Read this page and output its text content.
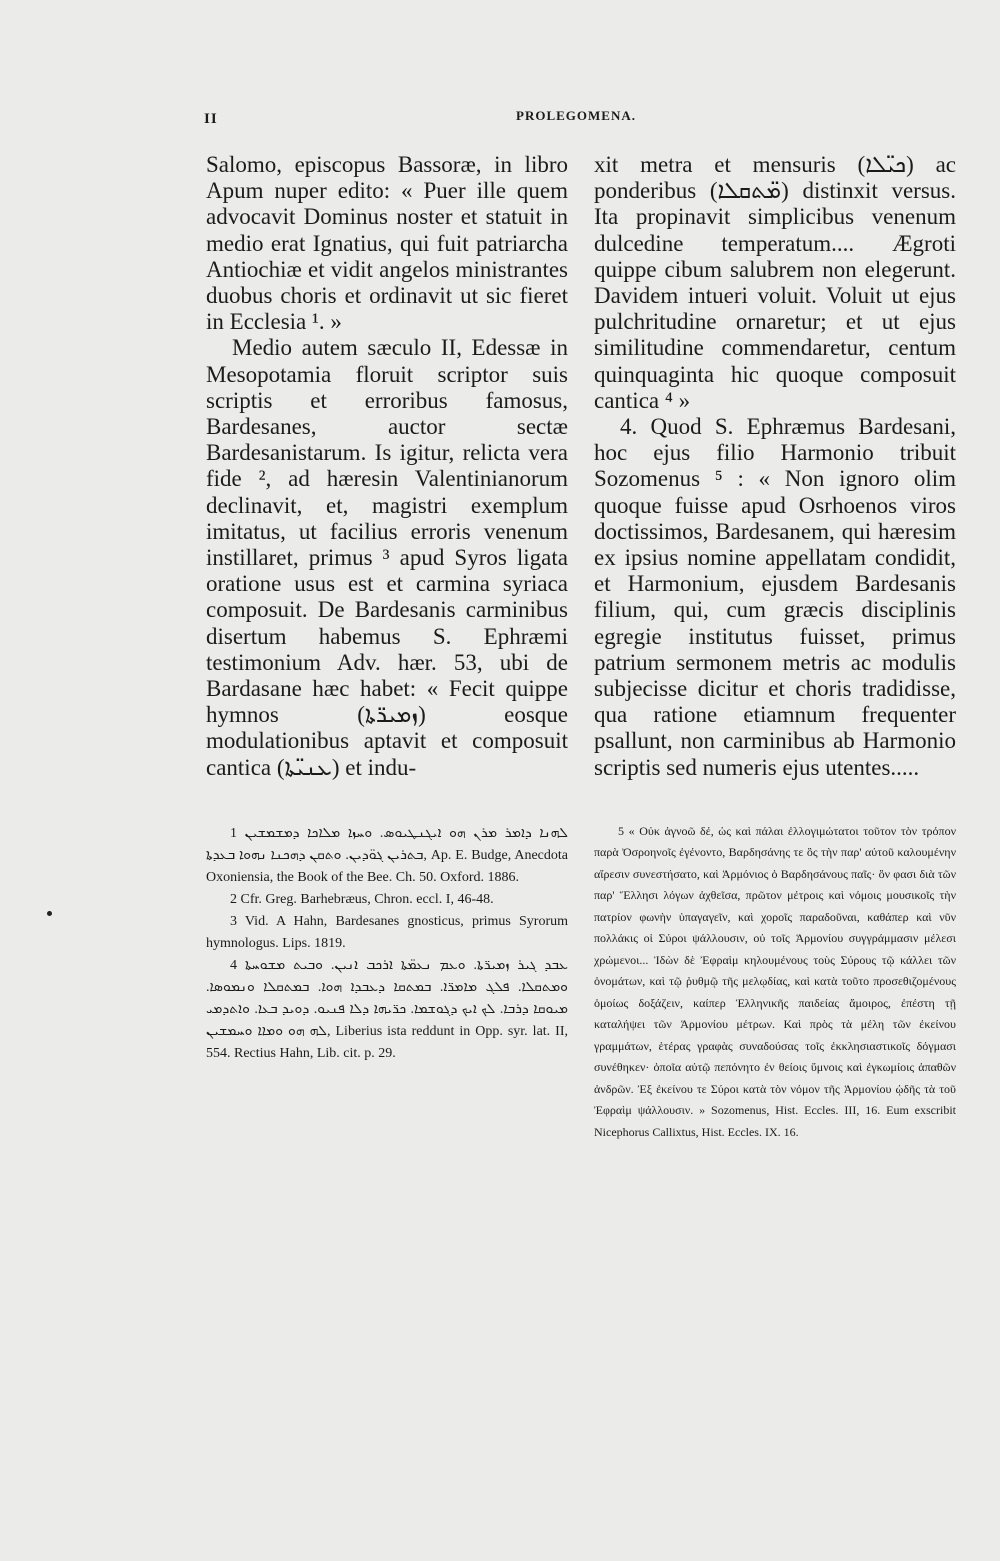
II	PROLEGOMENA.

Salomo, episcopus Bassoræ, in libro Apum nuper edito: « Puer ille quem advocavit Dominus noster et statuit in medio erat Ignatius, qui fuit patriarcha Antiochiæ et vidit angelos ministrantes duobus choris et ordinavit ut sic fieret in Ecclesia ¹. »

Medio autem sæculo II, Edessæ in Mesopotamia floruit scriptor suis scriptis et erroribus famosus, Bardesanes, auctor sectæ Bardesanistarum. Is igitur, relicta vera fide ², ad hæresin Valentinianorum declinavit, et, magistri exemplum imitatus, ut facilius erroris venenum instillaret, primus ³ apud Syros ligata oratione usus est et carmina syriaca composuit. De Bardesanis carminibus disertum habemus S. Ephræmi testimonium Adv. hær. 53, ubi de Bardasane hæc habet: « Fecit quippe hymnos (ܙܡܝܪ̈ܬܐ) eosque modulationibus aptavit et composuit cantica (ܥܢܝ̈ܬܐ) et indu-

1 ܠܗܢܐ ܕܐܡܪ ܡܪܢ ܗܘ ܐܝܓܢܛܝܘܣ. ܘܚܙܐ ܡܠܐܟܐ ܕܡܫܡܫܝܢ ܒܬܪܝܢ ܓܘ̈ܕܝܢ. ܘܬܩܢ ܕܗܟܢܐ ܢܗܘܐ ܒܥܕܬܐ, Ap. E. Budge, Anecdota Oxoniensia, the Book of the Bee. Ch. 50. Oxford. 1886.

2 Cfr. Greg. Barhebræus, Chron. eccl. I, 46-48.

3 Vid. A Hahn, Bardesanes gnosticus, primus Syrorum hymnologus. Lips. 1819.

4 ܥܒܕ ܓܝܪ ܙܡܝܪ̈ܬܐ. ܘܥܡ ܢܥܡ̈ܬܐ ܐܪܟܒ ܐܢܝܢ. ܘܒܝܬ ܡܫܘܚܬܐ ܘܡܬܩܠܐ. ܦܠܓ ܡܐܡܪ̈ܐ. ܒܡܬܩܐ ܕܥܒܕܐ ܗܘܐ. ܒܡܬܩܠܐ ܘܢܡܘܣܐ. ܡܝܘܩܐ ܕܪܒܐ. ܠܟ ܐܝܟ ܕܓܘܫܡܐ. ܟܪ̈ܝܗܐ ܕܠܐ ܦܢܝܘ. ܕܘܝܕ ܒܥܐ. ܘܐܬܕܡܝ ܠܗ ܗܘ ܘܡܐܐ ܘܚܡܫܝܢ, Liberius ista reddunt in Opp. syr. lat. II, 554. Rectius Hahn, Lib. cit. p. 29.

xit metra et mensuris (ܟܝ̈ܠܐ) ac ponderibus (ܡ̈ܬܩܠܐ) distinxit versus. Ita propinavit simplicibus venenum dulcedine temperatum.... Ægroti quippe cibum salubrem non elegerunt. Davidem intueri voluit. Voluit ut ejus pulchritudine ornaretur; et ut ejus similitudine commendaretur, centum quinquaginta hic quoque composuit cantica ⁴ »

4. Quod S. Ephræmus Bardesani, hoc ejus filio Harmonio tribuit Sozomenus ⁵ : « Non ignoro olim quoque fuisse apud Osrhoenos viros doctissimos, Bardesanem, qui hæresim ex ipsius nomine appellatam condidit, et Harmonium, ejusdem Bardesanis filium, qui, cum græcis disciplinis egregie institutus fuisset, primus patrium sermonem metris ac modulis subjecisse dicitur et choris tradidisse, qua ratione etiamnum frequenter psallunt, non carminibus ab Harmonio scriptis sed numeris ejus utentes.....

5 « Οὐκ ἀγνοῶ δέ, ὡς καὶ πάλαι ἐλλογιμώτατοι τοῦτον τὸν τρόπον παρὰ Ὀσροηνοῖς ἐγένοντο, Βαρδησάνης τε ὃς τὴν παρ' αὐτοῦ καλουμένην αἵρεσιν συνεστήσατο, καὶ Ἁρμόνιος ὁ Βαρδησάνους παῖς· ὃν φασι διὰ τῶν παρ' Ἕλλησι λόγων ἀχθεῖσα, πρῶτον μέτροις καὶ νόμοις μουσικοῖς τὴν πατρίον φωνὴν ὑπαγαγεῖν, καὶ χοροῖς παραδοῦναι, καθάπερ καὶ νῦν πολλάκις οἱ Σύροι ψάλλουσιν, οὐ τοῖς Ἁρμονίου συγγράμμασιν μέλεσι χρώμενοι... Ἰδὼν δὲ Ἐφραὶμ κηλουμένους τοὺς Σύρους τῷ κάλλει τῶν ὀνομάτων, καὶ τῷ ῥυθμῷ τῆς μελῳδίας, καὶ κατὰ τοῦτο προσεθιζομένους ὁμοίως δοξάζειν, καίπερ Ἑλληνικῆς παιδείας ἄμοιρος, ἐπέστη τῇ καταλήψει τῶν Ἁρμονίου μέτρων. Καὶ πρὸς τὰ μέλη τῶν ἐκείνου γραμμάτων, ἑτέρας γραφὰς συναδούσας τοῖς ἐκκλησιαστικοῖς δόγμασι συνέθηκεν· ὁποῖα αὐτῷ πεπόνητο ἐν θείοις ὕμνοις καὶ ἐγκωμίοις ἀπαθῶν ἀνδρῶν. Ἐξ ἐκείνου τε Σύροι κατὰ τὸν νόμον τῆς Ἁρμονίου ᾠδῆς τὰ τοῦ Ἐφραὶμ ψάλλουσιν. » Sozomenus, Hist. Eccles. III, 16. Eum exscribit Nicephorus Callixtus, Hist. Eccles. IX. 16.
